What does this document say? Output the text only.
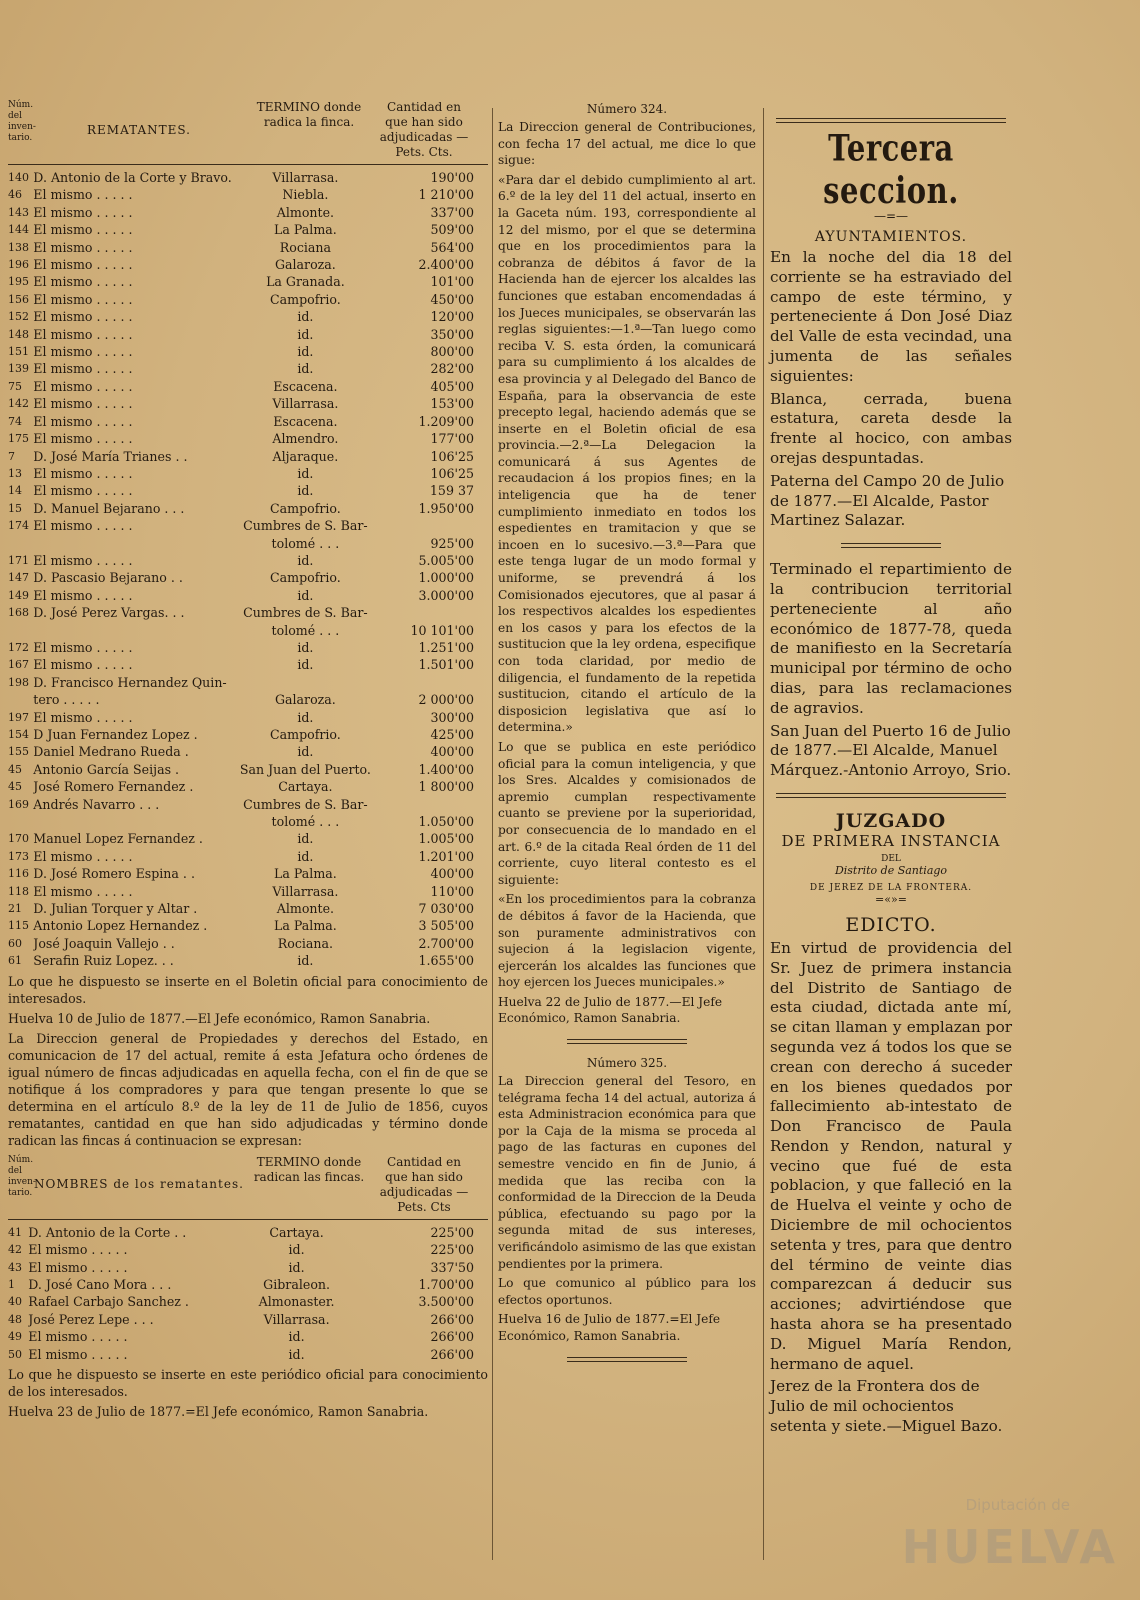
Núm. del inven-tario.
REMATANTES.
TERMINO donde radica la finca.
Cantidad en que han sido adjudicadas — Pets. Cts.
140	D. Antonio de la Corte y Bravo.	Villarrasa.	190'00
46	El mismo . . . . .	Niebla.	1 210'00
143	El mismo . . . . .	Almonte.	337'00
144	El mismo . . . . .	La Palma.	509'00
138	El mismo . . . . .	Rociana	564'00
196	El mismo . . . . .	Galaroza.	2.400'00
195	El mismo . . . . .	La Granada.	101'00
156	El mismo . . . . .	Campofrio.	450'00
152	El mismo . . . . .	id.	120'00
148	El mismo . . . . .	id.	350'00
151	El mismo . . . . .	id.	800'00
139	El mismo . . . . .	id.	282'00
75	El mismo . . . . .	Escacena.	405'00
142	El mismo . . . . .	Villarrasa.	153'00
74	El mismo . . . . .	Escacena.	1.209'00
175	El mismo . . . . .	Almendro.	177'00
7	D. José María Trianes . .	Aljaraque.	106'25
13	El mismo . . . . .	id.	106'25
14	El mismo . . . . .	id.	159 37
15	D. Manuel Bejarano . . .	Campofrio.	1.950'00
174	El mismo . . . . .	Cumbres de S. Bar-	
		tolomé . . .	925'00
171	El mismo . . . . .	id.	5.005'00
147	D. Pascasio Bejarano . .	Campofrio.	1.000'00
149	El mismo . . . . .	id.	3.000'00
168	D. José Perez Vargas. . .	Cumbres de S. Bar-	
		tolomé . . .	10 101'00
172	El mismo . . . . .	id.	1.251'00
167	El mismo . . . . .	id.	1.501'00
198	D. Francisco Hernandez Quin-		
	tero . . . . .	Galaroza.	2 000'00
197	El mismo . . . . .	id.	300'00
154	D Juan Fernandez Lopez .	Campofrio.	425'00
155	Daniel Medrano Rueda .	id.	400'00
45	Antonio García Seijas .	San Juan del Puerto.	1.400'00
45	José Romero Fernandez .	Cartaya.	1 800'00
169	Andrés Navarro . . .	Cumbres de S. Bar-	
		tolomé . . .	1.050'00
170	Manuel Lopez Fernandez .	id.	1.005'00
173	El mismo . . . . .	id.	1.201'00
116	D. José Romero Espina . .	La Palma.	400'00
118	El mismo . . . . .	Villarrasa.	110'00
21	D. Julian Torquer y Altar .	Almonte.	7 030'00
115	Antonio Lopez Hernandez .	La Palma.	3 505'00
60	José Joaquin Vallejo . .	Rociana.	2.700'00
61	Serafin Ruiz Lopez. . .	id.	1.655'00
Lo que he dispuesto se inserte en el Boletin oficial para conocimiento de interesados.
Huelva 10 de Julio de 1877.—El Jefe económico, Ramon Sanabria.
La Direccion general de Propiedades y derechos del Estado, en comunicacion de 17 del actual, remite á esta Jefatura ocho órdenes de igual número de fincas adjudicadas en aquella fecha, con el fin de que se notifique á los compradores y para que tengan presente lo que se determina en el artículo 8.º de la ley de 11 de Julio de 1856, cuyos rematantes, cantidad en que han sido adjudicadas y término donde radican las fincas á continuacion se expresan:
Núm. del inven-tario.
NOMBRES de los rematantes.
TERMINO donde radican las fincas.
Cantidad en que han sido adjudicadas — Pets. Cts
41	D. Antonio de la Corte . .	Cartaya.	225'00
42	El mismo . . . . .	id.	225'00
43	El mismo . . . . .	id.	337'50
1	D. José Cano Mora . . .	Gibraleon.	1.700'00
40	Rafael Carbajo Sanchez .	Almonaster.	3.500'00
48	José Perez Lepe . . .	Villarrasa.	266'00
49	El mismo . . . . .	id.	266'00
50	El mismo . . . . .	id.	266'00
Lo que he dispuesto se inserte en este periódico oficial para conocimiento de los interesados.
Huelva 23 de Julio de 1877.=El Jefe económico, Ramon Sanabria.
Número 324.
La Direccion general de Contribuciones, con fecha 17 del actual, me dice lo que sigue:
«Para dar el debido cumplimiento al art. 6.º de la ley del 11 del actual, inserto en la Gaceta núm. 193, correspondiente al 12 del mismo, por el que se determina que en los procedimientos para la cobranza de débitos á favor de la Hacienda han de ejercer los alcaldes las funciones que estaban encomendadas á los Jueces municipales, se observarán las reglas siguientes:—1.ª—Tan luego como reciba V. S. esta órden, la comunicará para su cumplimiento á los alcaldes de esa provincia y al Delegado del Banco de España, para la observancia de este precepto legal, haciendo además que se inserte en el Boletin oficial de esa provincia.—2.ª—La Delegacion la comunicará á sus Agentes de recaudacion á los propios fines; en la inteligencia que ha de tener cumplimiento inmediato en todos los espedientes en tramitacion y que se incoen en lo sucesivo.—3.ª—Para que este tenga lugar de un modo formal y uniforme, se prevendrá á los Comisionados ejecutores, que al pasar á los respectivos alcaldes los espedientes en los casos y para los efectos de la sustitucion que la ley ordena, especifique con toda claridad, por medio de diligencia, el fundamento de la repetida sustitucion, citando el artículo de la disposicion legislativa que así lo determina.»
Lo que se publica en este periódico oficial para la comun inteligencia, y que los Sres. Alcaldes y comisionados de apremio cumplan respectivamente cuanto se previene por la superioridad, por consecuencia de lo mandado en el art. 6.º de la citada Real órden de 11 del corriente, cuyo literal contesto es el siguiente:
«En los procedimientos para la cobranza de débitos á favor de la Hacienda, que son puramente administrativos con sujecion á la legislacion vigente, ejercerán los alcaldes las funciones que hoy ejercen los Jueces municipales.»
Huelva 22 de Julio de 1877.—El Jefe Económico, Ramon Sanabria.
Número 325.
La Direccion general del Tesoro, en telégrama fecha 14 del actual, autoriza á esta Administracion económica para que por la Caja de la misma se proceda al pago de las facturas en cupones del semestre vencido en fin de Junio, á medida que las reciba con la conformidad de la Direccion de la Deuda pública, efectuando su pago por la segunda mitad de sus intereses, verificándolo asimismo de las que existan pendientes por la primera.
Lo que comunico al público para los efectos oportunos.
Huelva 16 de Julio de 1877.=El Jefe Económico, Ramon Sanabria.
Tercera seccion.
—=—
AYUNTAMIENTOS.
En la noche del dia 18 del corriente se ha estraviado del campo de este término, y perteneciente á Don José Diaz del Valle de esta vecindad, una jumenta de las señales siguientes:
Blanca, cerrada, buena estatura, careta desde la frente al hocico, con ambas orejas despuntadas.
Paterna del Campo 20 de Julio de 1877.—El Alcalde, Pastor Martinez Salazar.
Terminado el repartimiento de la contribucion territorial perteneciente al año económico de 1877-78, queda de manifiesto en la Secretaría municipal por término de ocho dias, para las reclamaciones de agravios.
San Juan del Puerto 16 de Julio de 1877.—El Alcalde, Manuel Márquez.-Antonio Arroyo, Srio.
JUZGADO
DE PRIMERA INSTANCIA
DEL
Distrito de Santiago
DE JEREZ DE LA FRONTERA.
=«»=
EDICTO.
En virtud de providencia del Sr. Juez de primera instancia del Distrito de Santiago de esta ciudad, dictada ante mí, se citan llaman y emplazan por segunda vez á todos los que se crean con derecho á suceder en los bienes quedados por fallecimiento ab-intestato de Don Francisco de Paula Rendon y Rendon, natural y vecino que fué de esta poblacion, y que falleció en la de Huelva el veinte y ocho de Diciembre de mil ochocientos setenta y tres, para que dentro del término de veinte dias comparezcan á deducir sus acciones; advirtiéndose que hasta ahora se ha presentado D. Miguel María Rendon, hermano de aquel.
Jerez de la Frontera dos de Julio de mil ochocientos setenta y siete.—Miguel Bazo.
Diputación de
HUELVA
